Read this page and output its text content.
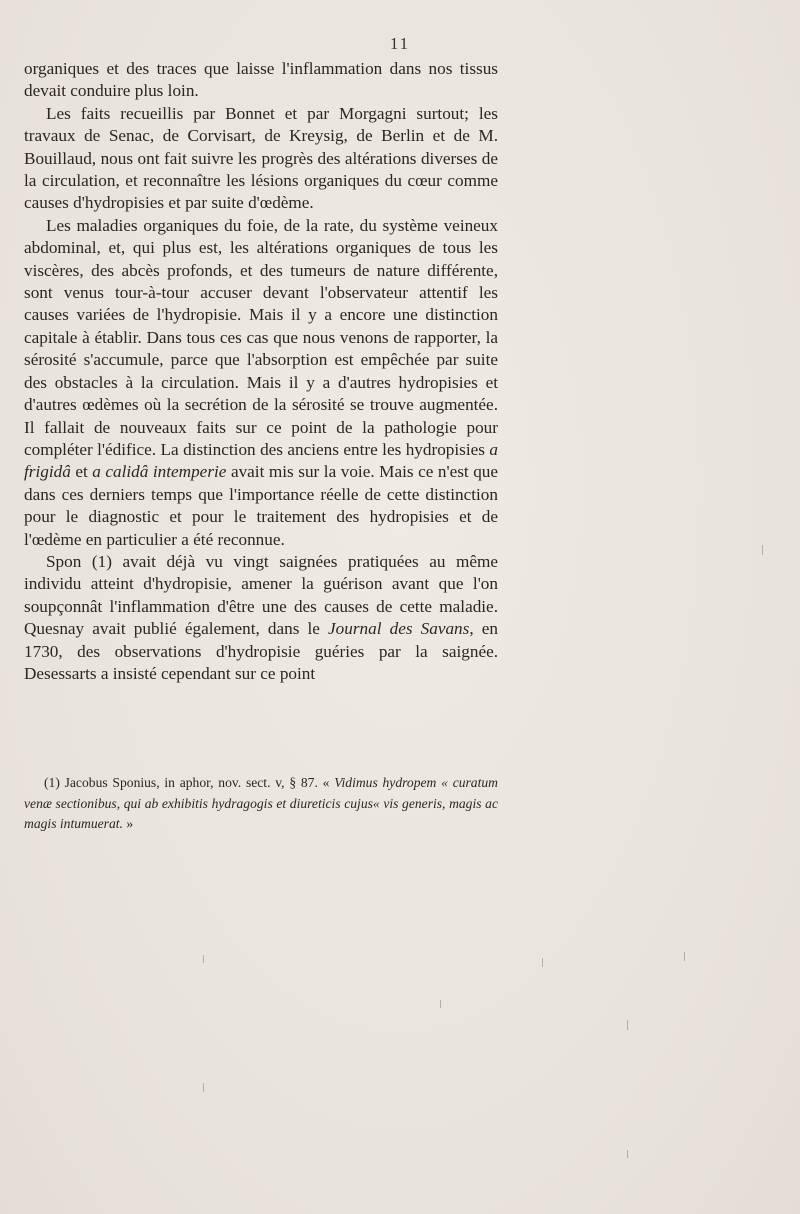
11

organiques et des traces que laisse l'inflammation dans nos tissus devait conduire plus loin.

Les faits recueillis par Bonnet et par Morgagni surtout; les travaux de Senac, de Corvisart, de Kreysig, de Berlin et de M. Bouillaud, nous ont fait suivre les progrès des altérations diverses de la circulation, et reconnaître les lésions organiques du cœur comme causes d'hydropisies et par suite d'œdème.

Les maladies organiques du foie, de la rate, du système veineux abdominal, et, qui plus est, les altérations organiques de tous les viscères, des abcès profonds, et des tumeurs de nature différente, sont venus tour-à-tour accuser devant l'observateur attentif les causes variées de l'hydropisie. Mais il y a encore une distinction capitale à établir. Dans tous ces cas que nous venons de rapporter, la sérosité s'accumule, parce que l'absorption est empêchée par suite des obstacles à la circulation. Mais il y a d'autres hydropisies et d'autres œdèmes où la secrétion de la sérosité se trouve augmentée. Il fallait de nouveaux faits sur ce point de la pathologie pour compléter l'édifice. La distinction des anciens entre les hydropisies a frigidâ et a calidâ intemperie avait mis sur la voie. Mais ce n'est que dans ces derniers temps que l'importance réelle de cette distinction pour le diagnostic et pour le traitement des hydropisies et de l'œdème en particulier a été reconnue.

Spon (1) avait déjà vu vingt saignées pratiquées au même individu atteint d'hydropisie, amener la guérison avant que l'on soupçonnât l'inflammation d'être une des causes de cette maladie. Quesnay avait publié également, dans le Journal des Savans, en 1730, des observations d'hydropisie guéries par la saignée. Desessarts a insisté cependant sur ce point

(1) Jacobus Sponius, in aphor, nov. sect. v, § 87. « Vidimus hydropem « curatum venæ sectionibus, qui ab exhibitis hydragogis et diureticis cujus« vis generis, magis ac magis intumuerat. »
